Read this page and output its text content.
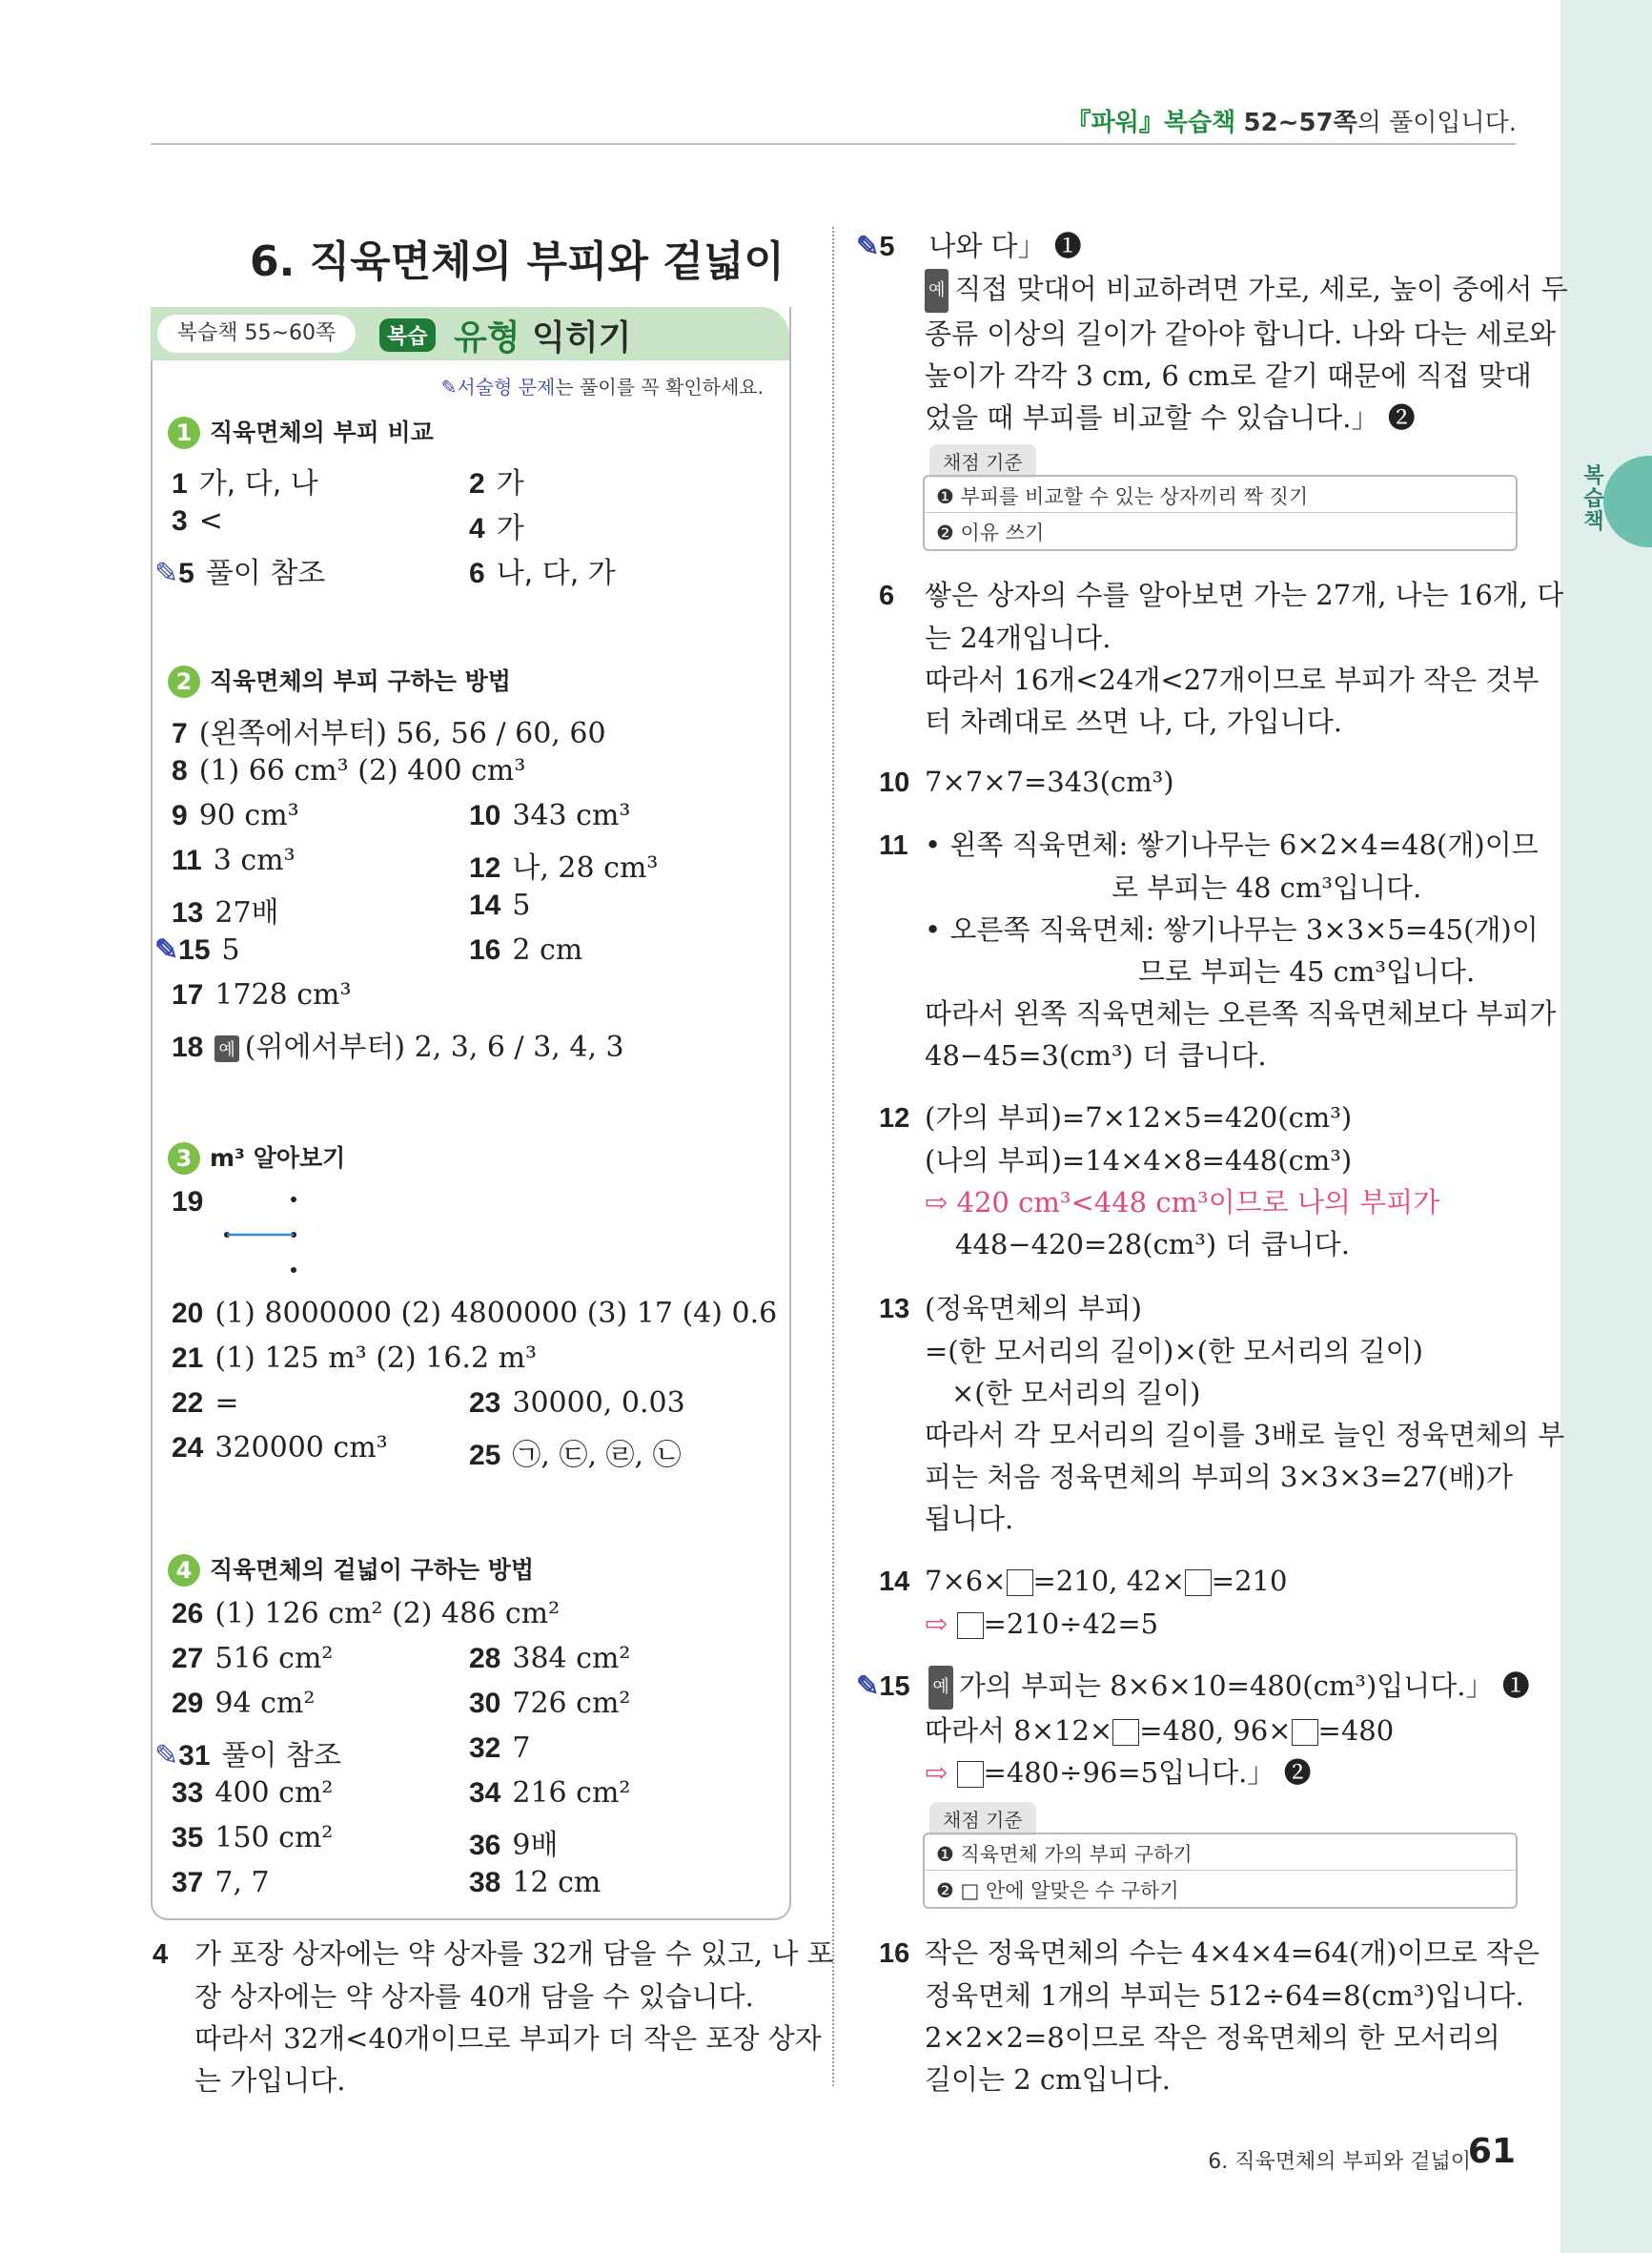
복습책
『파워』복습책 52~57쪽의 풀이입니다.
6. 직육면체의 부피와 겉넓이
복습책 55~60쪽	복습 유형 익히기
✎서술형 문제는 풀이를 꼭 확인하세요.
1 직육면체의 부피 비교
2 직육면체의 부피 구하는 방법
3 m³ 알아보기
4 직육면체의 겉넓이 구하는 방법
1 가, 다, 나	2 가
3 <	4 가
✎5 풀이 참조	6 나, 다, 가
7 (왼쪽에서부터) 56, 56 / 60, 60
8 (1) 66 cm³ (2) 400 cm³
9 90 cm³	10 343 cm³
11 3 cm³	12 나, 28 cm³
13 27배	14 5
✎15 5	16 2 cm
17 1728 cm³
18 예 (위에서부터) 2, 3, 6 / 3, 4, 3
19
20 (1) 8000000 (2) 4800000 (3) 17 (4) 0.6
21 (1) 125 m³ (2) 16.2 m³
22 =	23 30000, 0.03
24 320000 cm³	25 ㉠, ㉢, ㉣, ㉡
26 (1) 126 cm² (2) 486 cm²
27 516 cm²	28 384 cm²
29 94 cm²	30 726 cm²
✎31 풀이 참조	32 7
33 400 cm²	34 216 cm²
35 150 cm²	36 9배
37 7, 7	38 12 cm
4 가 포장 상자에는 약 상자를 32개 담을 수 있고, 나 포
장 상자에는 약 상자를 40개 담을 수 있습니다.
따라서 32개<40개이므로 부피가 더 작은 포장 상자
는 가입니다.
✎5 나와 다」 ❶
예 직접 맞대어 비교하려면 가로, 세로, 높이 중에서 두
종류 이상의 길이가 같아야 합니다. 나와 다는 세로와
높이가 각각 3 cm, 6 cm로 같기 때문에 직접 맞대
었을 때 부피를 비교할 수 있습니다.」 ❷
채점 기준
❶ 부피를 비교할 수 있는 상자끼리 짝 짓기
❷ 이유 쓰기
6 쌓은 상자의 수를 알아보면 가는 27개, 나는 16개, 다
는 24개입니다.
따라서 16개<24개<27개이므로 부피가 작은 것부
터 차례대로 쓰면 나, 다, 가입니다.
10 7×7×7=343(cm³)
11 • 왼쪽 직육면체: 쌓기나무는 6×2×4=48(개)이므
로 부피는 48 cm³입니다.
• 오른쪽 직육면체: 쌓기나무는 3×3×5=45(개)이
므로 부피는 45 cm³입니다.
따라서 왼쪽 직육면체는 오른쪽 직육면체보다 부피가
48−45=3(cm³) 더 큽니다.
12 (가의 부피)=7×12×5=420(cm³)
(나의 부피)=14×4×8=448(cm³)
⇨ 420 cm³<448 cm³이므로 나의 부피가
448−420=28(cm³) 더 큽니다.
13 (정육면체의 부피)
=(한 모서리의 길이)×(한 모서리의 길이)
×(한 모서리의 길이)
따라서 각 모서리의 길이를 3배로 늘인 정육면체의 부
피는 처음 정육면체의 부피의 3×3×3=27(배)가
됩니다.
14 7×6× =210, 42× =210
⇨ =210÷42=5
✎15 예 가의 부피는 8×6×10=480(cm³)입니다.」 ❶
따라서 8×12× =480, 96× =480
⇨ =480÷96=5입니다.」 ❷
채점 기준
❶ 직육면체 가의 부피 구하기
❷ □ 안에 알맞은 수 구하기
16 작은 정육면체의 수는 4×4×4=64(개)이므로 작은
정육면체 1개의 부피는 512÷64=8(cm³)입니다.
2×2×2=8이므로 작은 정육면체의 한 모서리의
길이는 2 cm입니다.
6. 직육면체의 부피와 겉넓이
61
